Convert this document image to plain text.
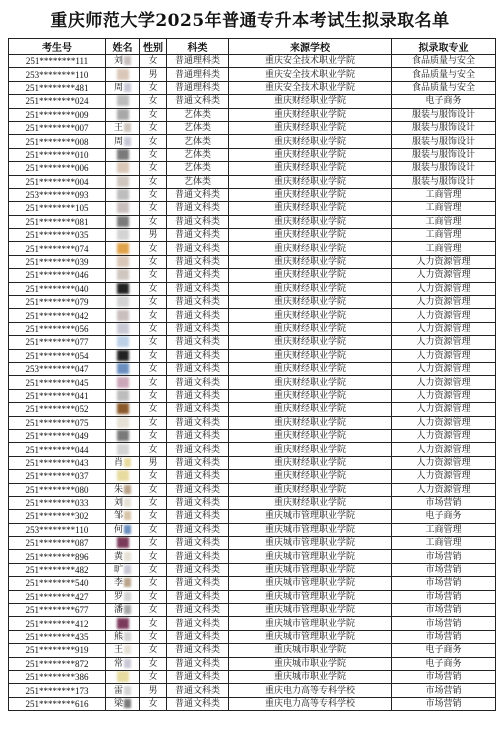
重庆师范大学2025年普通专升本考试生拟录取名单
考生号	姓名	性别	科类	来源学校	拟录取专业
251********111	刘	女	普通理科类	重庆安全技术职业学院	食品质量与安全
253********110		男	普通理科类	重庆安全技术职业学院	食品质量与安全
251********481	周	女	普通理科类	重庆安全技术职业学院	食品质量与安全
251********024		女	普通文科类	重庆财经职业学院	电子商务
251********009		女	艺体类	重庆财经职业学院	服装与服饰设计
251********007	王	女	艺体类	重庆财经职业学院	服装与服饰设计
251********008	周	女	艺体类	重庆财经职业学院	服装与服饰设计
251********010		女	艺体类	重庆财经职业学院	服装与服饰设计
251********006		女	艺体类	重庆财经职业学院	服装与服饰设计
251********004		女	艺体类	重庆财经职业学院	服装与服饰设计
253********093		女	普通文科类	重庆财经职业学院	工商管理
251********105		女	普通文科类	重庆财经职业学院	工商管理
251********081		女	普通文科类	重庆财经职业学院	工商管理
251********035		男	普通文科类	重庆财经职业学院	工商管理
251********074		女	普通文科类	重庆财经职业学院	工商管理
251********039		女	普通文科类	重庆财经职业学院	人力资源管理
251********046		女	普通文科类	重庆财经职业学院	人力资源管理
251********040		女	普通文科类	重庆财经职业学院	人力资源管理
251********079		女	普通文科类	重庆财经职业学院	人力资源管理
251********042		女	普通文科类	重庆财经职业学院	人力资源管理
251********056		女	普通文科类	重庆财经职业学院	人力资源管理
251********077		女	普通文科类	重庆财经职业学院	人力资源管理
251********054		女	普通文科类	重庆财经职业学院	人力资源管理
253********047		女	普通文科类	重庆财经职业学院	人力资源管理
251********045		女	普通文科类	重庆财经职业学院	人力资源管理
251********041		女	普通文科类	重庆财经职业学院	人力资源管理
251********052		女	普通文科类	重庆财经职业学院	人力资源管理
251********075		女	普通文科类	重庆财经职业学院	人力资源管理
251********049		女	普通文科类	重庆财经职业学院	人力资源管理
251********044		女	普通文科类	重庆财经职业学院	人力资源管理
251********043	肖	男	普通文科类	重庆财经职业学院	人力资源管理
251********037		女	普通文科类	重庆财经职业学院	人力资源管理
251********080	朱	女	普通文科类	重庆财经职业学院	人力资源管理
251********033	刘	女	普通文科类	重庆财经职业学院	市场营销
251********302	邹	女	普通文科类	重庆城市管理职业学院	电子商务
253********110	何	女	普通文科类	重庆城市管理职业学院	工商管理
251********087		女	普通文科类	重庆城市管理职业学院	工商管理
251********896	黄	女	普通文科类	重庆城市管理职业学院	市场营销
251********482	旷	女	普通文科类	重庆城市管理职业学院	市场营销
251********540	李	女	普通文科类	重庆城市管理职业学院	市场营销
251********427	罗	女	普通文科类	重庆城市管理职业学院	市场营销
251********677	潘	女	普通文科类	重庆城市管理职业学院	市场营销
251********412		女	普通文科类	重庆城市管理职业学院	市场营销
251********435	熊	女	普通文科类	重庆城市管理职业学院	市场营销
251********919	王	女	普通文科类	重庆城市职业学院	电子商务
251********872	常	女	普通文科类	重庆城市职业学院	电子商务
251********386		女	普通文科类	重庆城市职业学院	市场营销
251********173	雷	男	普通文科类	重庆电力高等专科学校	市场营销
251********616	梁	女	普通文科类	重庆电力高等专科学校	市场营销
